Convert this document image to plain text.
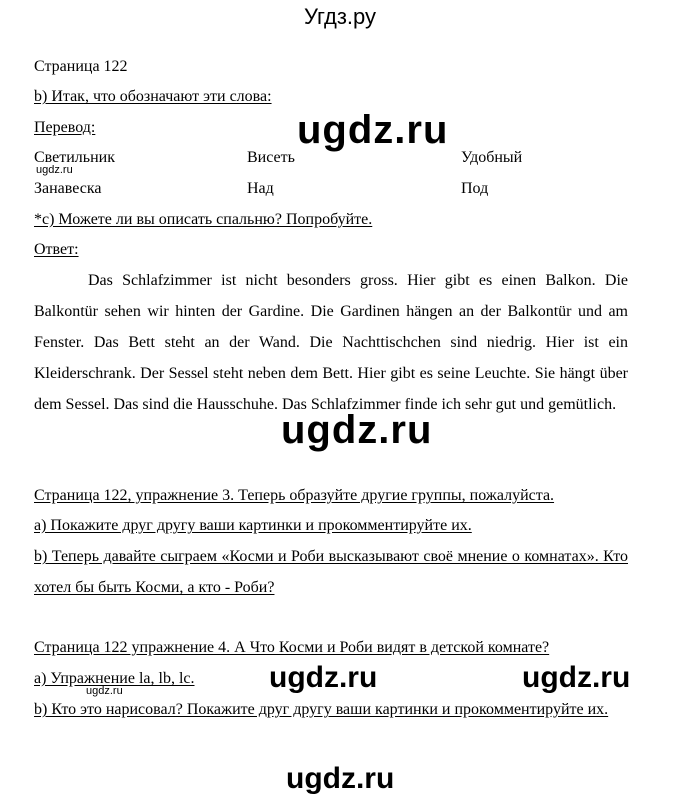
Угдз.ру
Страница 122
b) Итак, что обозначают эти слова:
Перевод:
Светильник	Висеть	Удобный
Занавеска	Над	Под
*c) Можете ли вы описать спальню? Попробуйте.
Ответ:
Das Schlafzimmer ist nicht besonders gross. Hier gibt es einen Balkon. Die Balkontür sehen wir hinten der Gardine. Die Gardinen hängen an der Balkontür und am Fenster. Das Bett steht an der Wand. Die Nachttischchen sind niedrig. Hier ist ein Kleiderschrank. Der Sessel steht neben dem Bett. Hier gibt es seine Leuchte. Sie hängt über dem Sessel. Das sind die Hausschuhe. Das Schlafzimmer finde ich sehr gut und gemütlich.
Страница 122, упражнение 3. Теперь образуйте другие группы, пожалуйста.
a) Покажите друг другу ваши картинки и прокомментируйте их.
b) Теперь давайте сыграем «Косми и Роби высказывают своё мнение о комнатах». Кто хотел бы быть Косми, а кто - Роби?
Страница 122 упражнение 4. А Что Косми и Роби видят в детской комнате?
a) Упражнение la, lb, lc.
b) Кто это нарисовал? Покажите друг другу ваши картинки и прокомментируйте их.
ugdz.ru
ugdz.ru
ugdz.ru
ugdz.ru	ugdz.ru
ugdz.ru
ugdz.ru
